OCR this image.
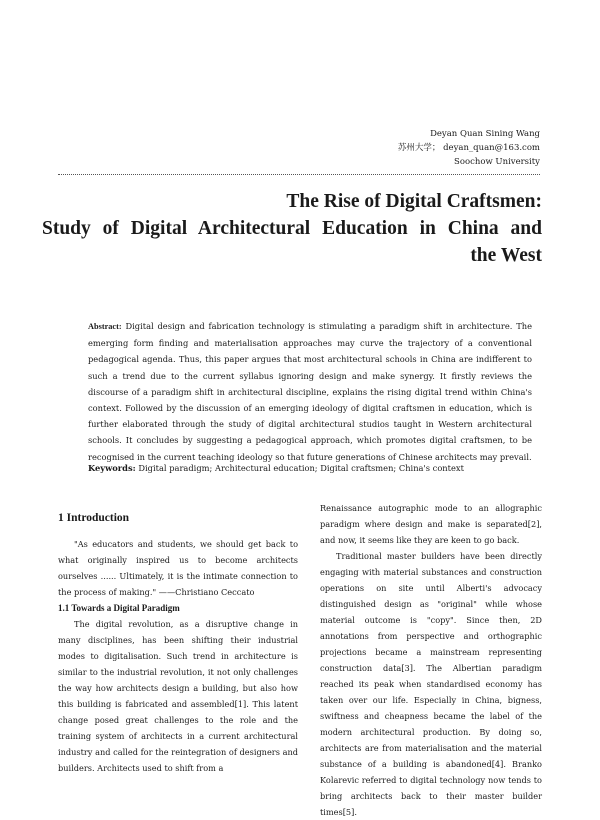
Deyan Quan Sining Wang
苏州大学； deyan_quan@163.com
Soochow University
The Rise of Digital Craftsmen:
Study of Digital Architectural Education in China and
the West
Abstract: Digital design and fabrication technology is stimulating a paradigm shift in architecture. The emerging form finding and materialisation approaches may curve the trajectory of a conventional pedagogical agenda. Thus, this paper argues that most architectural schools in China are indifferent to such a trend due to the current syllabus ignoring design and make synergy. It firstly reviews the discourse of a paradigm shift in architectural discipline, explains the rising digital trend within China's context. Followed by the discussion of an emerging ideology of digital craftsmen in education, which is further elaborated through the study of digital architectural studios taught in Western architectural schools. It concludes by suggesting a pedagogical approach, which promotes digital craftsmen, to be recognised in the current teaching ideology so that future generations of Chinese architects may prevail.
Keywords: Digital paradigm; Architectural education; Digital craftsmen; China's context
1 Introduction

"As educators and students, we should get back to what originally inspired us to become architects ourselves ...... Ultimately, it is the intimate connection to the process of making." ——Christiano Ceccato

1.1 Towards a Digital Paradigm

The digital revolution, as a disruptive change in many disciplines, has been shifting their industrial modes to digitalisation. Such trend in architecture is similar to the industrial revolution, it not only challenges the way how architects design a building, but also how this building is fabricated and assembled[1]. This latent change posed great challenges to the role and the training system of architects in a current architectural industry and called for the reintegration of designers and builders. Architects used to shift from a

Renaissance autographic mode to an allographic paradigm where design and make is separated[2], and now, it seems like they are keen to go back.

Traditional master builders have been directly engaging with material substances and construction operations on site until Alberti's advocacy distinguished design as "original" while whose material outcome is "copy". Since then, 2D annotations from perspective and orthographic projections became a mainstream representing construction data[3]. The Albertian paradigm reached its peak when standardised economy has taken over our life. Especially in China, bigness, swiftness and cheapness became the label of the modern architectural production. By doing so, architects are from materialisation and the material substance of a building is abandoned[4]. Branko Kolarevic referred to digital technology now tends to bring architects back to their master builder times[5].
